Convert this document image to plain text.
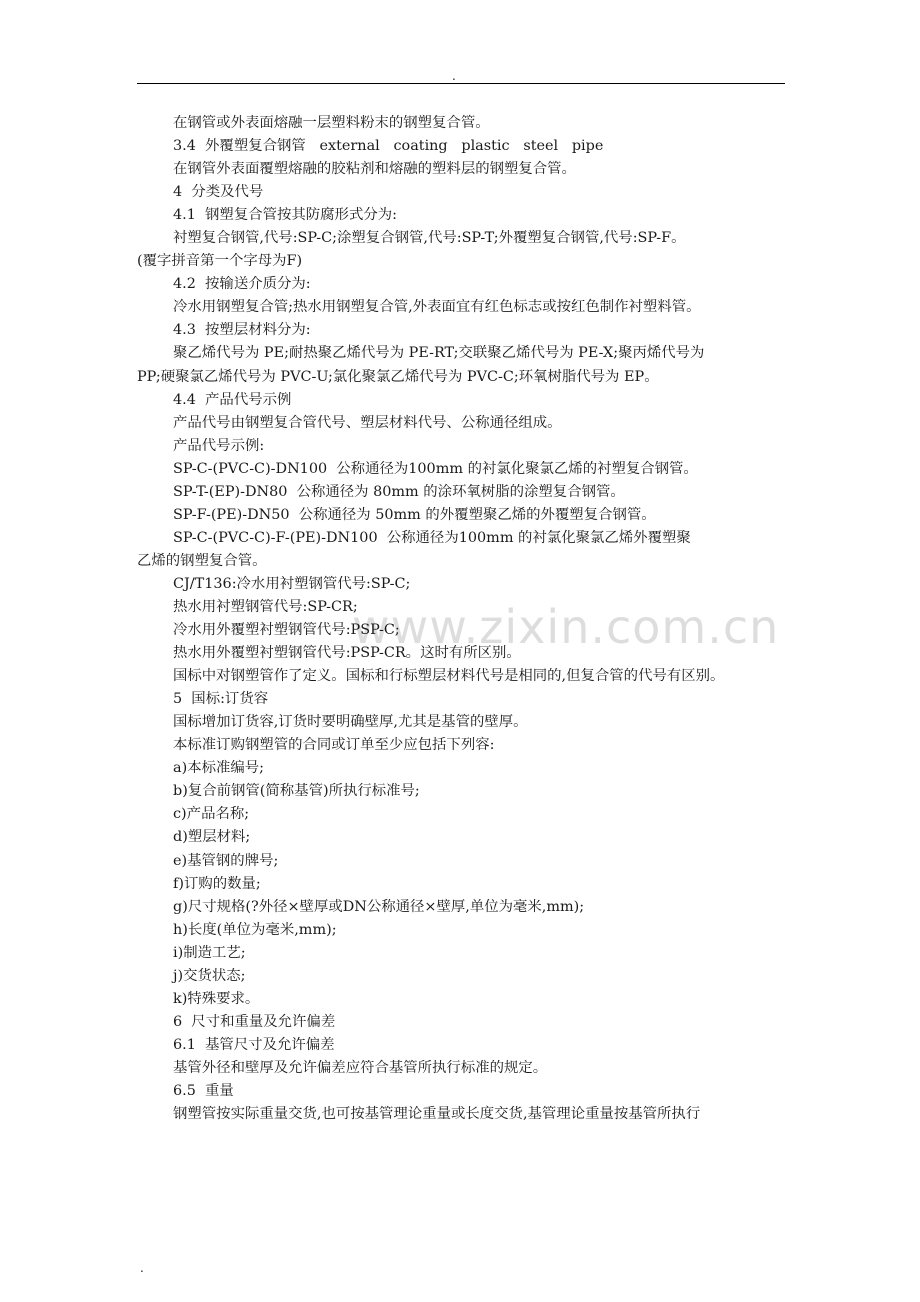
.
www.zixin.com.cn
在钢管或外表面熔融一层塑料粉末的钢塑复合管。
3.4  外覆塑复合钢管   external   coating   plastic   steel   pipe
在钢管外表面覆塑熔融的胶粘剂和熔融的塑料层的钢塑复合管。
4  分类及代号
4.1  钢塑复合管按其防腐形式分为:
衬塑复合钢管,代号:SP-C;涂塑复合钢管,代号:SP-T;外覆塑复合钢管,代号:SP-F。
(覆字拼音第一个字母为F)
4.2  按输送介质分为:
冷水用钢塑复合管;热水用钢塑复合管,外表面宜有红色标志或按红色制作衬塑料管。
4.3  按塑层材料分为:
聚乙烯代号为 PE;耐热聚乙烯代号为 PE-RT;交联聚乙烯代号为 PE-X;聚丙烯代号为
PP;硬聚氯乙烯代号为 PVC-U;氯化聚氯乙烯代号为 PVC-C;环氧树脂代号为 EP。
4.4  产品代号示例
产品代号由钢塑复合管代号、塑层材料代号、公称通径组成。
产品代号示例:
SP-C-(PVC-C)-DN100  公称通径为100mm 的衬氯化聚氯乙烯的衬塑复合钢管。
SP-T-(EP)-DN80  公称通径为 80mm 的涂环氧树脂的涂塑复合钢管。
SP-F-(PE)-DN50  公称通径为 50mm 的外覆塑聚乙烯的外覆塑复合钢管。
SP-C-(PVC-C)-F-(PE)-DN100  公称通径为100mm 的衬氯化聚氯乙烯外覆塑聚
乙烯的钢塑复合管。
CJ/T136:冷水用衬塑钢管代号:SP-C;
热水用衬塑钢管代号:SP-CR;
冷水用外覆塑衬塑钢管代号:PSP-C;
热水用外覆塑衬塑钢管代号:PSP-CR。这时有所区别。
国标中对钢塑管作了定义。国标和行标塑层材料代号是相同的,但复合管的代号有区别。
5  国标:订货容
国标增加订货容,订货时要明确壁厚,尤其是基管的壁厚。
本标准订购钢塑管的合同或订单至少应包括下列容:
a)本标准编号;
b)复合前钢管(简称基管)所执行标准号;
c)产品名称;
d)塑层材料;
e)基管钢的牌号;
f)订购的数量;
g)尺寸规格(?外径×壁厚或DN公称通径×壁厚,单位为毫米,mm);
h)长度(单位为毫米,mm);
i)制造工艺;
j)交货状态;
k)特殊要求。
6  尺寸和重量及允许偏差
6.1  基管尺寸及允许偏差
基管外径和壁厚及允许偏差应符合基管所执行标准的规定。
6.5  重量
钢塑管按实际重量交货,也可按基管理论重量或长度交货,基管理论重量按基管所执行
.
